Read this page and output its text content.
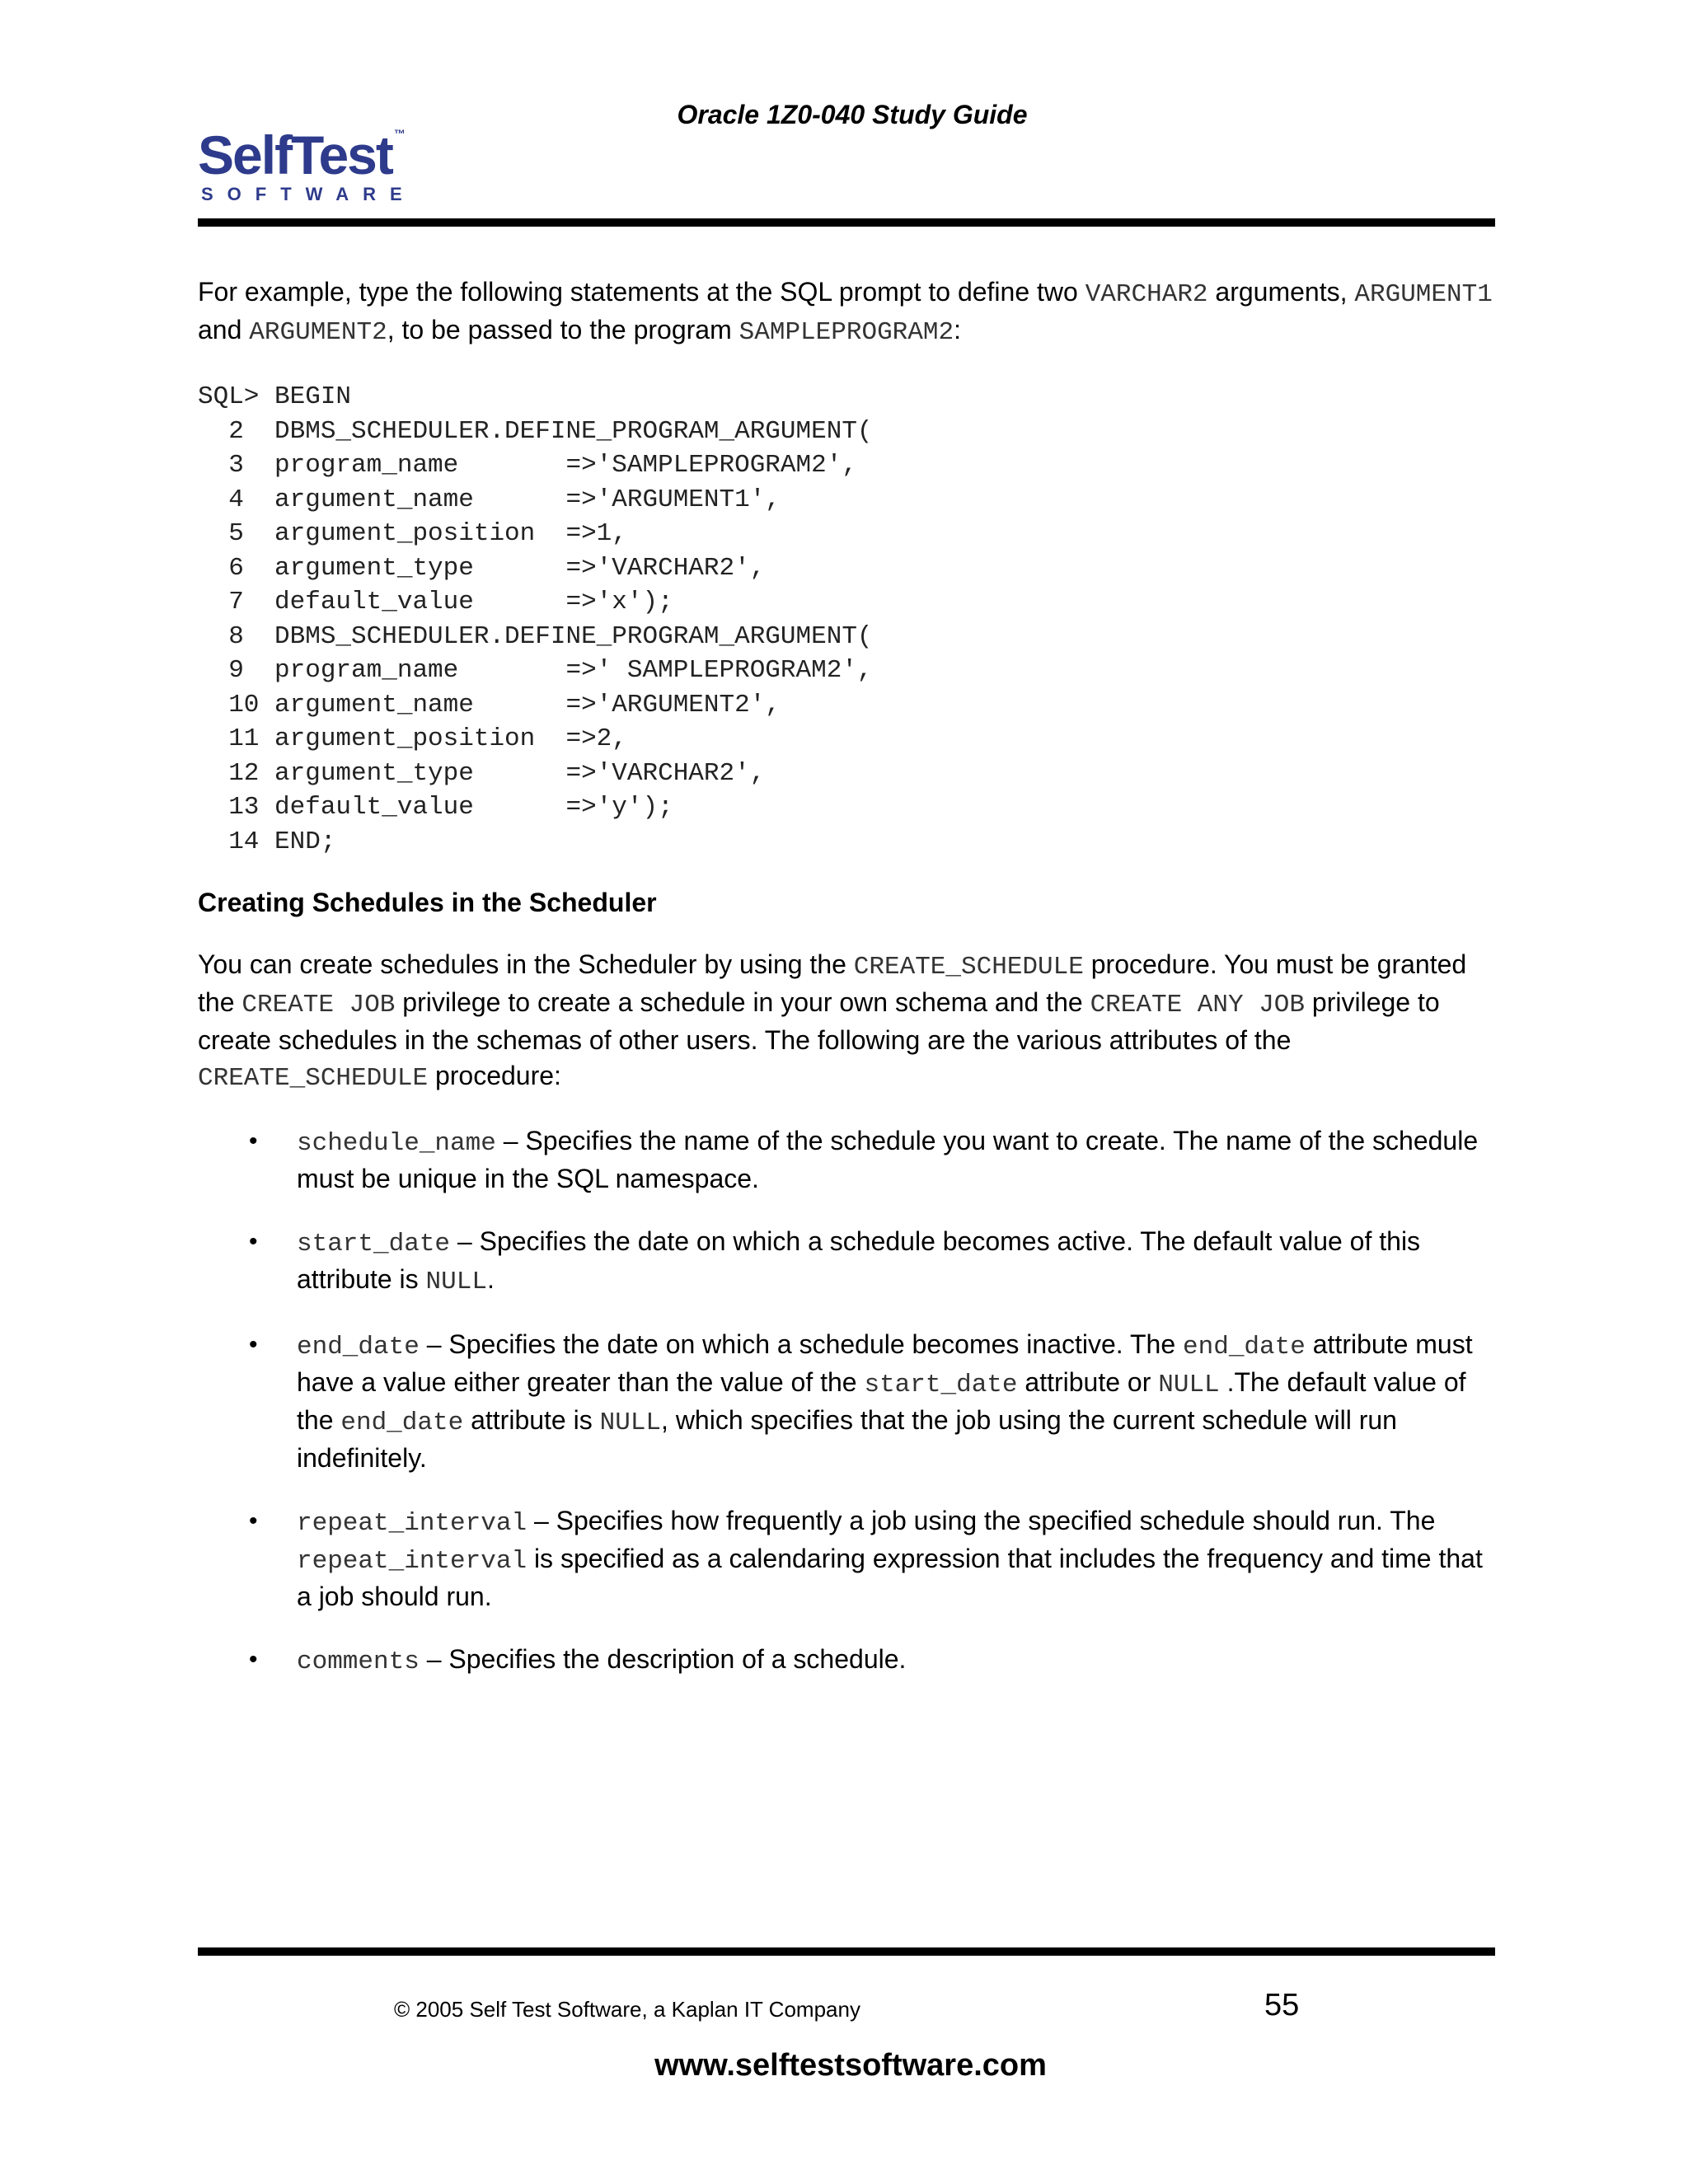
Oracle 1Z0-040 Study Guide
SelfTest ™
SOFTWARE

For example, type the following statements at the SQL prompt to define two VARCHAR2 arguments, ARGUMENT1 and ARGUMENT2, to be passed to the program SAMPLEPROGRAM2:

SQL> BEGIN
2  DBMS_SCHEDULER.DEFINE_PROGRAM_ARGUMENT(
3  program_name       =>'SAMPLEPROGRAM2',
4  argument_name      =>'ARGUMENT1',
5  argument_position  =>1,
6  argument_type      =>'VARCHAR2',
7  default_value      =>'x');
8  DBMS_SCHEDULER.DEFINE_PROGRAM_ARGUMENT(
9  program_name       =>' SAMPLEPROGRAM2',
10 argument_name      =>'ARGUMENT2',
11 argument_position  =>2,
12 argument_type      =>'VARCHAR2',
13 default_value      =>'y');
14 END;
Creating Schedules in the Scheduler

You can create schedules in the Scheduler by using the CREATE_SCHEDULE procedure. You must be granted the CREATE JOB privilege to create a schedule in your own schema and the CREATE ANY JOB privilege to create schedules in the schemas of other users. The following are the various attributes of the CREATE_SCHEDULE procedure:

• schedule_name – Specifies the name of the schedule you want to create. The name of the schedule must be unique in the SQL namespace.
• start_date – Specifies the date on which a schedule becomes active. The default value of this attribute is NULL.
• end_date – Specifies the date on which a schedule becomes inactive. The end_date attribute must have a value either greater than the value of the start_date attribute or NULL .The default value of the end_date attribute is NULL, which specifies that the job using the current schedule will run indefinitely.
• repeat_interval – Specifies how frequently a job using the specified schedule should run. The repeat_interval is specified as a calendaring expression that includes the frequency and time that a job should run.
• comments – Specifies the description of a schedule.
© 2005 Self Test Software, a Kaplan IT Company	55
www.selftestsoftware.com
